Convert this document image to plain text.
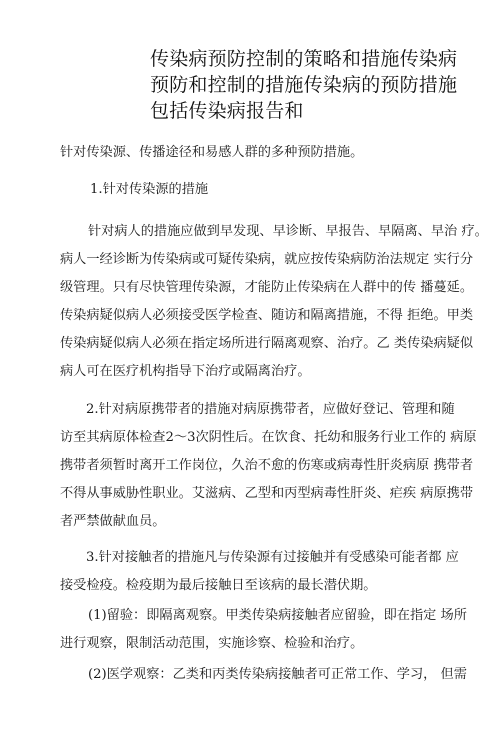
传染病预防控制的策略和措施传染病
预防和控制的措施传染病的预防措施
包括传染病报告和
针对传染源、传播途径和易感人群的多种预防措施。
1.针对传染源的措施
针对病人的措施应做到早发现、早诊断、早报告、早隔离、早治 疗。
病人一经诊断为传染病或可疑传染病，就应按传染病防治法规定 实行分
级管理。只有尽快管理传染源，才能防止传染病在人群中的传 播蔓延。
传染病疑似病人必须接受医学检查、随访和隔离措施，不得 拒绝。甲类
传染病疑似病人必须在指定场所进行隔离观察、治疗。乙 类传染病疑似
病人可在医疗机构指导下治疗或隔离治疗。
2.针对病原携带者的措施对病原携带者，应做好登记、管理和随
访至其病原体检查2〜3次阴性后。在饮食、托幼和服务行业工作的 病原
携带者须暂时离开工作岗位，久治不愈的伤寒或病毒性肝炎病原 携带者
不得从事威胁性职业。艾滋病、乙型和丙型病毒性肝炎、疟疾 病原携带
者严禁做献血员。
3.针对接触者的措施凡与传染源有过接触并有受感染可能者都 应
接受检疫。检疫期为最后接触日至该病的最长潜伏期。
(1)留验：即隔离观察。甲类传染病接触者应留验，即在指定 场所
进行观察，限制活动范围，实施诊察、检验和治疗。
(2)医学观察：乙类和丙类传染病接触者可正常工作、学习， 但需
